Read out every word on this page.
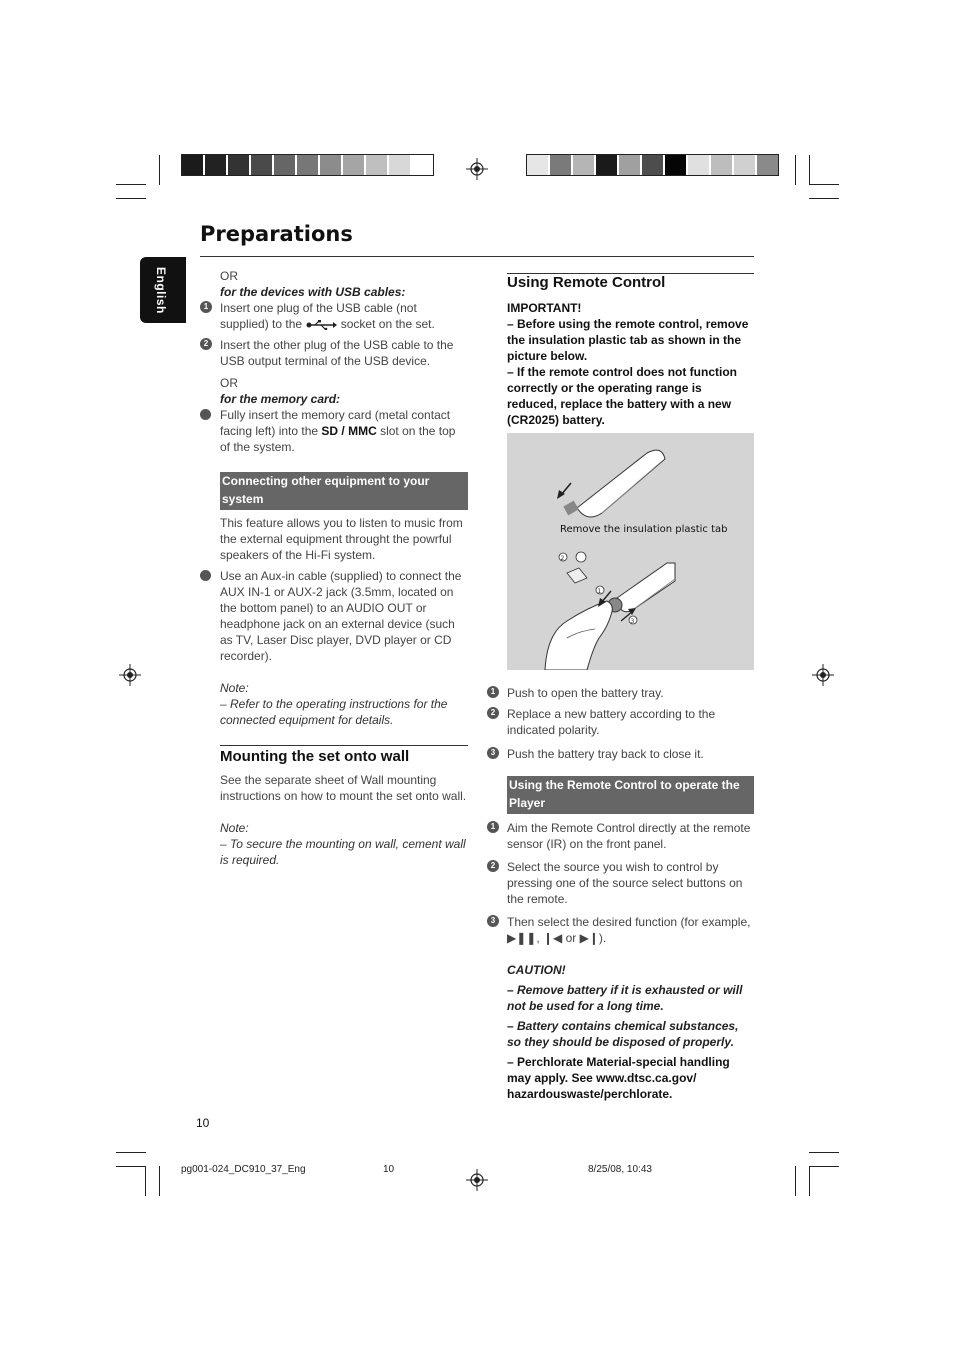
Preparations
English	OR

for the devices with USB cables:

1 Insert one plug of the USB cable (not supplied) to the	socket on the set.
2 Insert the other plug of the USB cable to the USB output terminal of the USB device.

OR

for the memory card:

Fully insert the memory card (metal contact facing left) into the SD / MMC slot on the top of the system.
Connecting other equipment to your system

This feature allows you to listen to music from the external equipment throught the powrful speakers of the Hi-Fi system.

Use an Aux-in cable (supplied) to connect the AUX IN-1 or AUX-2 jack (3.5mm, located on the bottom panel) to an AUDIO OUT or headphone jack on an external device (such as TV, Laser Disc player, DVD player or CD recorder).

Note:

– Refer to the operating instructions for the connected equipment for details.

Mounting the set onto wall

See the separate sheet of Wall mounting instructions on how to mount the set onto wall.

Note:

– To secure the mounting on wall, cement wall is required.

Using Remote Control

IMPORTANT!

– Before using the remote control, remove the insulation plastic tab as shown in the picture below.

– If the remote control does not function correctly or the operating range is reduced, replace the battery with a new (CR2025) battery.

2
1
3
Remove the insulation plastic tab
1 Push to open the battery tray.
2 Replace a new battery according to the indicated polarity.
3 Push the battery tray back to close it.
Using the Remote Control to operate the Player
1 Aim the Remote Control directly at the remote sensor (IR) on the front panel.
2 Select the source you wish to control by pressing one of the source select buttons on the remote.
3 Then select the desired function (for example, ▶❚❚, ❙◀ or ▶❙).

CAUTION!

– Remove battery if it is exhausted or will not be used for a long time.

– Battery contains chemical substances, so they should be disposed of properly.

– Perchlorate Material-special handling may apply. See www.dtsc.ca.gov/ hazardouswaste/perchlorate.

10
pg001-024_DC910_37_Eng	10	8/25/08, 10:43
